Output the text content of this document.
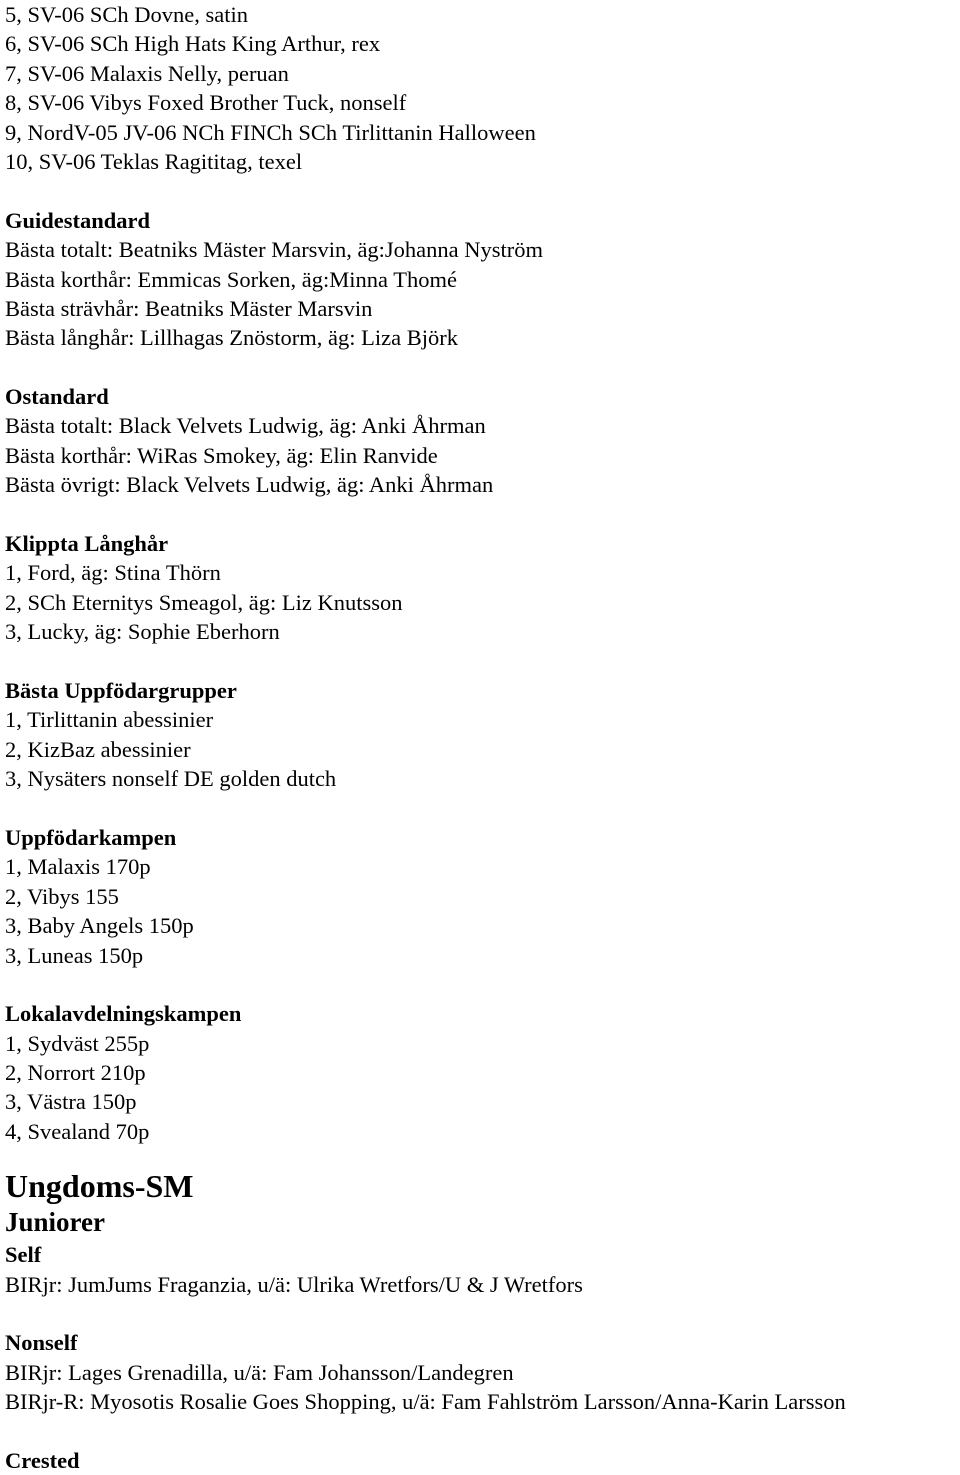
5, SV-06 SCh Dovne, satin
6, SV-06 SCh High Hats King Arthur, rex
7, SV-06 Malaxis Nelly, peruan
8, SV-06 Vibys Foxed Brother Tuck, nonself
9, NordV-05 JV-06 NCh FINCh SCh Tirlittanin Halloween
10, SV-06 Teklas Ragititag, texel
Guidestandard
Bästa totalt: Beatniks Mäster Marsvin, äg:Johanna Nyström
Bästa korthår: Emmicas Sorken, äg:Minna Thomé
Bästa strävhår: Beatniks Mäster Marsvin
Bästa långhår: Lillhagas Znöstorm, äg: Liza Björk
Ostandard
Bästa totalt: Black Velvets Ludwig, äg: Anki Åhrman
Bästa korthår: WiRas Smokey, äg: Elin Ranvide
Bästa övrigt: Black Velvets Ludwig, äg: Anki Åhrman
Klippta Långhår
1, Ford, äg: Stina Thörn
2, SCh Eternitys Smeagol, äg: Liz Knutsson
3, Lucky, äg: Sophie Eberhorn
Bästa Uppfödargrupper
1, Tirlittanin abessinier
2, KizBaz abessinier
3, Nysäters nonself DE golden dutch
Uppfödarkampen
1, Malaxis 170p
2, Vibys 155
3, Baby Angels 150p
3, Luneas 150p
Lokalavdelningskampen
1, Sydväst 255p
2, Norrort 210p
3, Västra 150p
4, Svealand 70p
Ungdoms-SM
Juniorer
Self
BIRjr: JumJums Fraganzia, u/ä: Ulrika Wretfors/U & J Wretfors
Nonself
BIRjr: Lages Grenadilla, u/ä: Fam Johansson/Landegren
BIRjr-R: Myosotis Rosalie Goes Shopping, u/ä: Fam Fahlström Larsson/Anna-Karin Larsson
Crested
